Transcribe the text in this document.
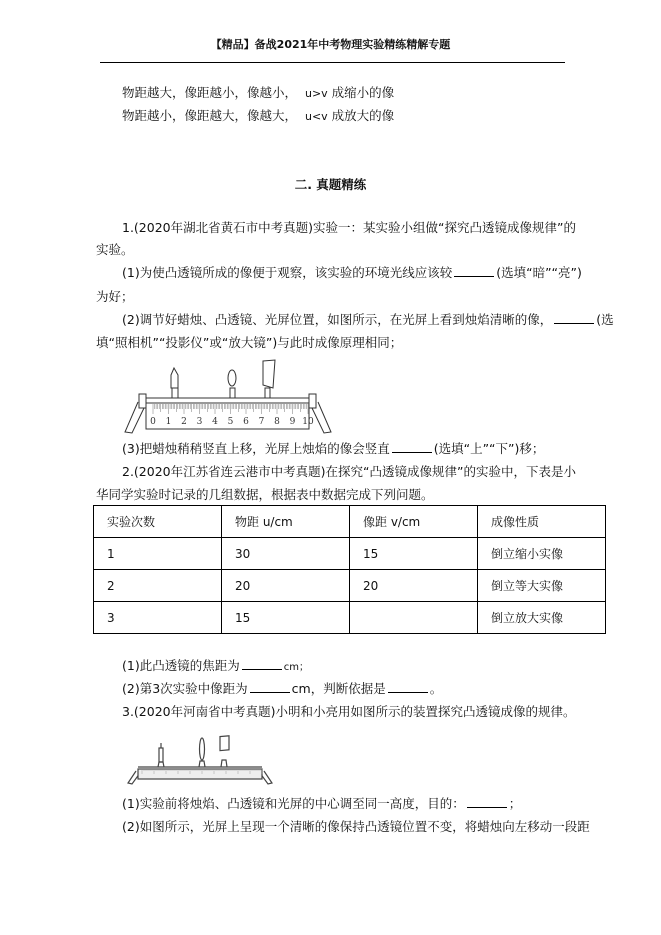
【精品】备战2021年中考物理实验精练精解专题
物距越大，像距越小，像越小， u>v 成缩小的像
物距越小，像距越大，像越大， u<v 成放大的像
二. 真题精练
1.(2020年湖北省黄石市中考真题)实验一：某实验小组做“探究凸透镜成像规律”的
实验。
(1)为使凸透镜所成的像便于观察，该实验的环境光线应该较	(选填“暗”“亮”)
为好；
(2)调节好蜡烛、凸透镜、光屏位置，如图所示，在光屏上看到烛焰清晰的像，	(选
填“照相机”“投影仪”或“放大镜”)与此时成像原理相同；
0 1 2 3 4 5 6 7 8 9 10
(3)把蜡烛稍稍竖直上移，光屏上烛焰的像会竖直	(选填“上”“下”)移；
2.(2020年江苏省连云港市中考真题)在探究“凸透镜成像规律”的实验中，下表是小
华同学实验时记录的几组数据，根据表中数据完成下列问题。
实验次数	物距 u/cm	像距 v/cm	成像性质
1	30	15	倒立缩小实像
2	20	20	倒立等大实像
3	15		倒立放大实像
(1)此凸透镜的焦距为	cm；
(2)第3次实验中像距为	cm，判断依据是	。
3.(2020年河南省中考真题)小明和小亮用如图所示的装置探究凸透镜成像的规律。
(1)实验前将烛焰、凸透镜和光屏的中心调至同一高度，目的：	；
(2)如图所示，光屏上呈现一个清晰的像保持凸透镜位置不变，将蜡烛向左移动一段距
